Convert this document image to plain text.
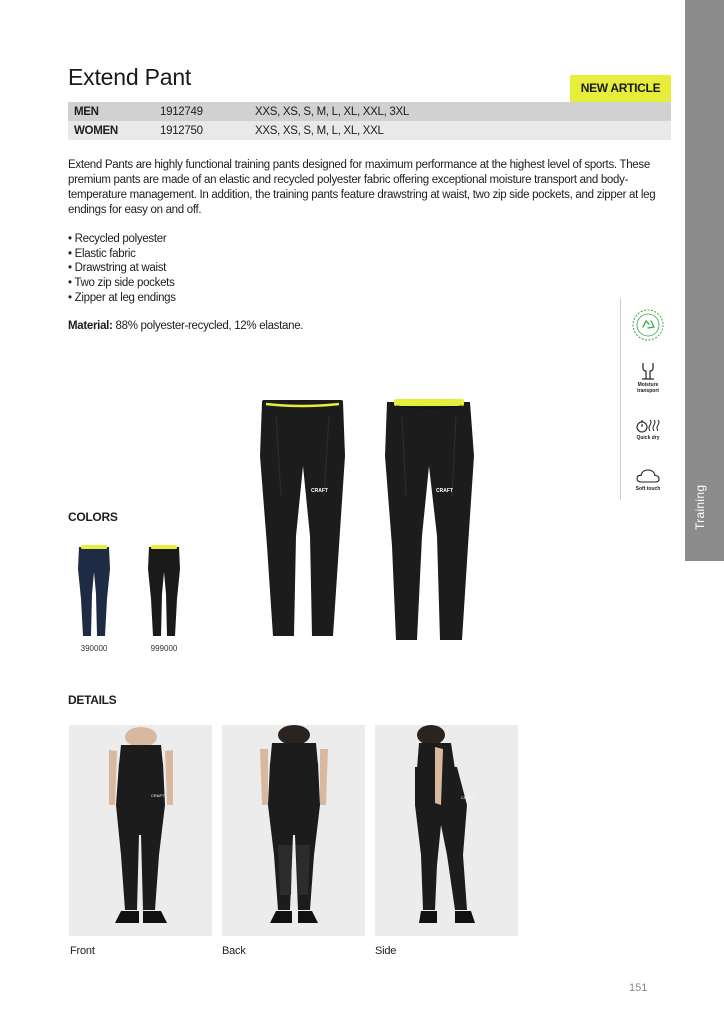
Training
Extend Pant	NEW ARTICLE
MEN	1912749	XXS, XS, S, M, L, XL, XXL, 3XL
WOMEN	1912750	XXS, XS, S, M, L, XL, XXL

Extend Pants are highly functional training pants designed for maximum performance at the highest level of sports. These premium pants are made of an elastic and recycled polyester fabric offering exceptional moisture transport and body-temperature management. In addition, the training pants feature drawstring at waist, two zip side pockets, and zipper at leg endings for easy on and off.

• Recycled polyester
• Elastic fabric
• Drawstring at waist
• Two zip side pockets
• Zipper at leg endings

Material: 88% polyester-recycled, 12% elastane.

Moisture
transport
Quick dry
Soft touch
CRAFT	CRAFT
COLORS
390000	999000
DETAILS
CRAFT
Front	Back
CRAFT
Side
151
